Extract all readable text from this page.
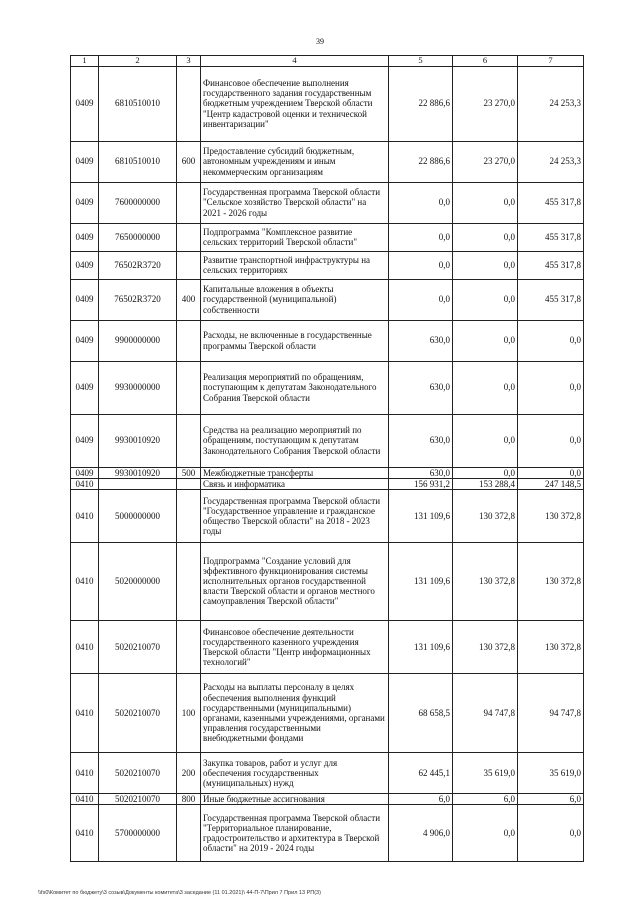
39
1	2	3	4	5	6	7
0409	6810510010		Финансовое обеспечение выполнения государственного задания государственным бюджетным учреждением Тверской области "Центр кадастровой оценки и технической инвентаризации"	22 886,6	23 270,0	24 253,3
0409	6810510010	600	Предоставление субсидий бюджетным, автономным учреждениям и иным некоммерческим организациям	22 886,6	23 270,0	24 253,3
0409	7600000000		Государственная программа Тверской области "Сельское хозяйство Тверской области" на 2021 - 2026 годы	0,0	0,0	455 317,8
0409	7650000000		Подпрограмма "Комплексное развитие сельских территорий Тверской области"	0,0	0,0	455 317,8
0409	76502R3720		Развитие транспортной инфраструктуры на сельских территориях	0,0	0,0	455 317,8
0409	76502R3720	400	Капитальные вложения в объекты государственной (муниципальной) собственности	0,0	0,0	455 317,8
0409	9900000000		Расходы, не включенные в государственные программы Тверской области	630,0	0,0	0,0
0409	9930000000		Реализация мероприятий по обращениям, поступающим к депутатам Законодательного Собрания Тверской области	630,0	0,0	0,0
0409	9930010920		Средства на реализацию мероприятий по обращениям, поступающим к депутатам Законодательного Собрания Тверской области	630,0	0,0	0,0
0409	9930010920	500	Межбюджетные трансферты	630,0	0,0	0,0
0410			Связь и информатика	156 931,2	153 288,4	247 148,5
0410	5000000000		Государственная программа Тверской области "Государственное управление и гражданское общество Тверской области" на 2018 - 2023 годы	131 109,6	130 372,8	130 372,8
0410	5020000000		Подпрограмма "Создание условий для эффективного функционирования системы исполнительных органов государственной власти Тверской области и органов местного самоуправления Тверской области"	131 109,6	130 372,8	130 372,8
0410	5020210070		Финансовое обеспечение деятельности государственного казенного учреждения Тверской области "Центр информационных технологий"	131 109,6	130 372,8	130 372,8
0410	5020210070	100	Расходы на выплаты персоналу в целях обеспечения выполнения функций государственными (муниципальными) органами, казенными учреждениями, органами управления государственными внебюджетными фондами	68 658,5	94 747,8	94 747,8
0410	5020210070	200	Закупка товаров, работ и услуг для обеспечения государственных (муниципальных) нужд	62 445,1	35 619,0	35 619,0
0410	5020210070	800	Иные бюджетные ассигнования	6,0	6,0	6,0
0410	5700000000		Государственная программа Тверской области "Территориальное планирование, градостроительство и архитектура в Тверской области" на 2019 - 2024 годы	4 906,0	0,0	0,0
\\fs0\Комитет по бюджету\3 созыв\Документы комитета\3 заседание (11 01.2021)\ 44-П-7\Прил 7 Прил 13 РП(3)
